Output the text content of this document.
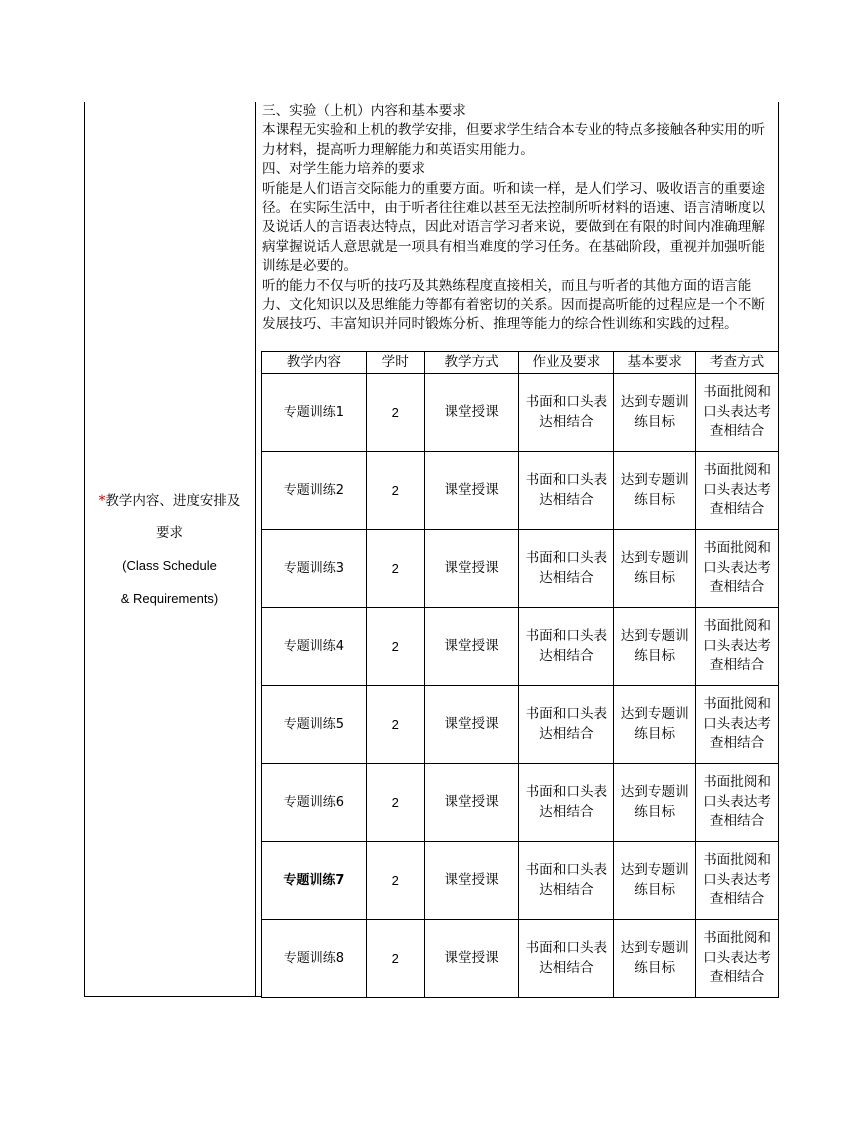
*教学内容、进度安排及
要求
(Class Schedule
& Requirements)

三、实验（上机）内容和基本要求

本课程无实验和上机的教学安排，但要求学生结合本专业的特点多接触各种实用的听力材料，提高听力理解能力和英语实用能力。

四、对学生能力培养的要求

听能是人们语言交际能力的重要方面。听和读一样，是人们学习、吸收语言的重要途径。在实际生活中，由于听者往往难以甚至无法控制所听材料的语速、语言清晰度以及说话人的言语表达特点，因此对语言学习者来说，要做到在有限的时间内准确理解病掌握说话人意思就是一项具有相当难度的学习任务。在基础阶段，重视并加强听能训练是必要的。

听的能力不仅与听的技巧及其熟练程度直接相关，而且与听者的其他方面的语言能力、文化知识以及思维能力等都有着密切的关系。因而提高听能的过程应是一个不断发展技巧、丰富知识并同时锻炼分析、推理等能力的综合性训练和实践的过程。

教学内容	学时	教学方式	作业及要求	基本要求	考查方式
专题训练1	2	课堂授课	书面和口头表达相结合	达到专题训练目标	书面批阅和口头表达考查相结合
专题训练2	2	课堂授课	书面和口头表达相结合	达到专题训练目标	书面批阅和口头表达考查相结合
专题训练3	2	课堂授课	书面和口头表达相结合	达到专题训练目标	书面批阅和口头表达考查相结合
专题训练4	2	课堂授课	书面和口头表达相结合	达到专题训练目标	书面批阅和口头表达考查相结合
专题训练5	2	课堂授课	书面和口头表达相结合	达到专题训练目标	书面批阅和口头表达考查相结合
专题训练6	2	课堂授课	书面和口头表达相结合	达到专题训练目标	书面批阅和口头表达考查相结合
专题训练7	2	课堂授课	书面和口头表达相结合	达到专题训练目标	书面批阅和口头表达考查相结合
专题训练8	2	课堂授课	书面和口头表达相结合	达到专题训练目标	书面批阅和口头表达考查相结合
